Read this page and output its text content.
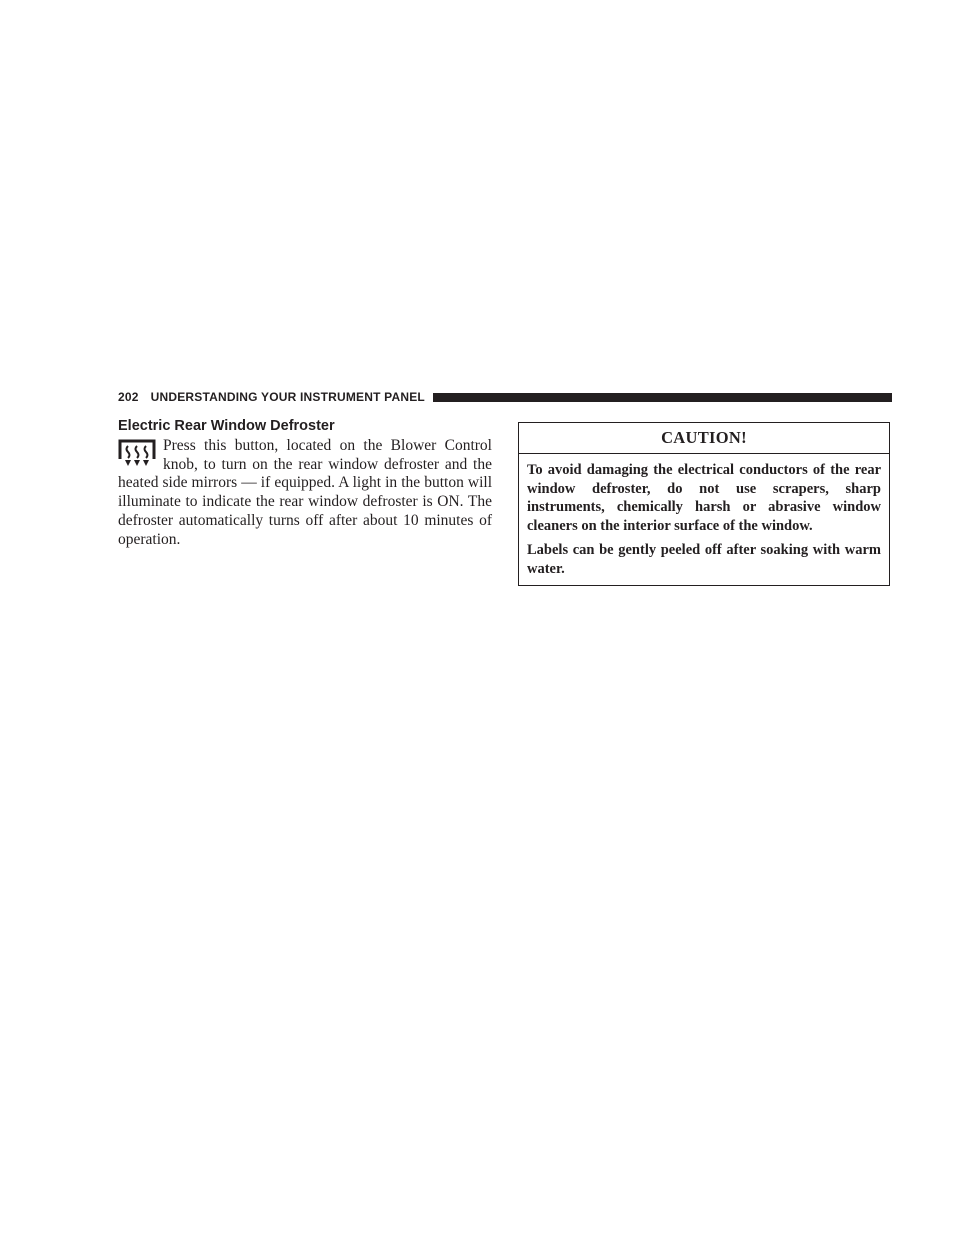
202 UNDERSTANDING YOUR INSTRUMENT PANEL
Electric Rear Window Defroster

Press this button, located on the Blower Control knob, to turn on the rear window defroster and the heated side mirrors — if equipped. A light in the button will illuminate to indicate the rear window defroster is ON. The defroster automatically turns off after about 10 minutes of operation.

CAUTION!

To avoid damaging the electrical conductors of the rear window defroster, do not use scrapers, sharp instruments, chemically harsh or abrasive window cleaners on the interior surface of the window.

Labels can be gently peeled off after soaking with warm water.
